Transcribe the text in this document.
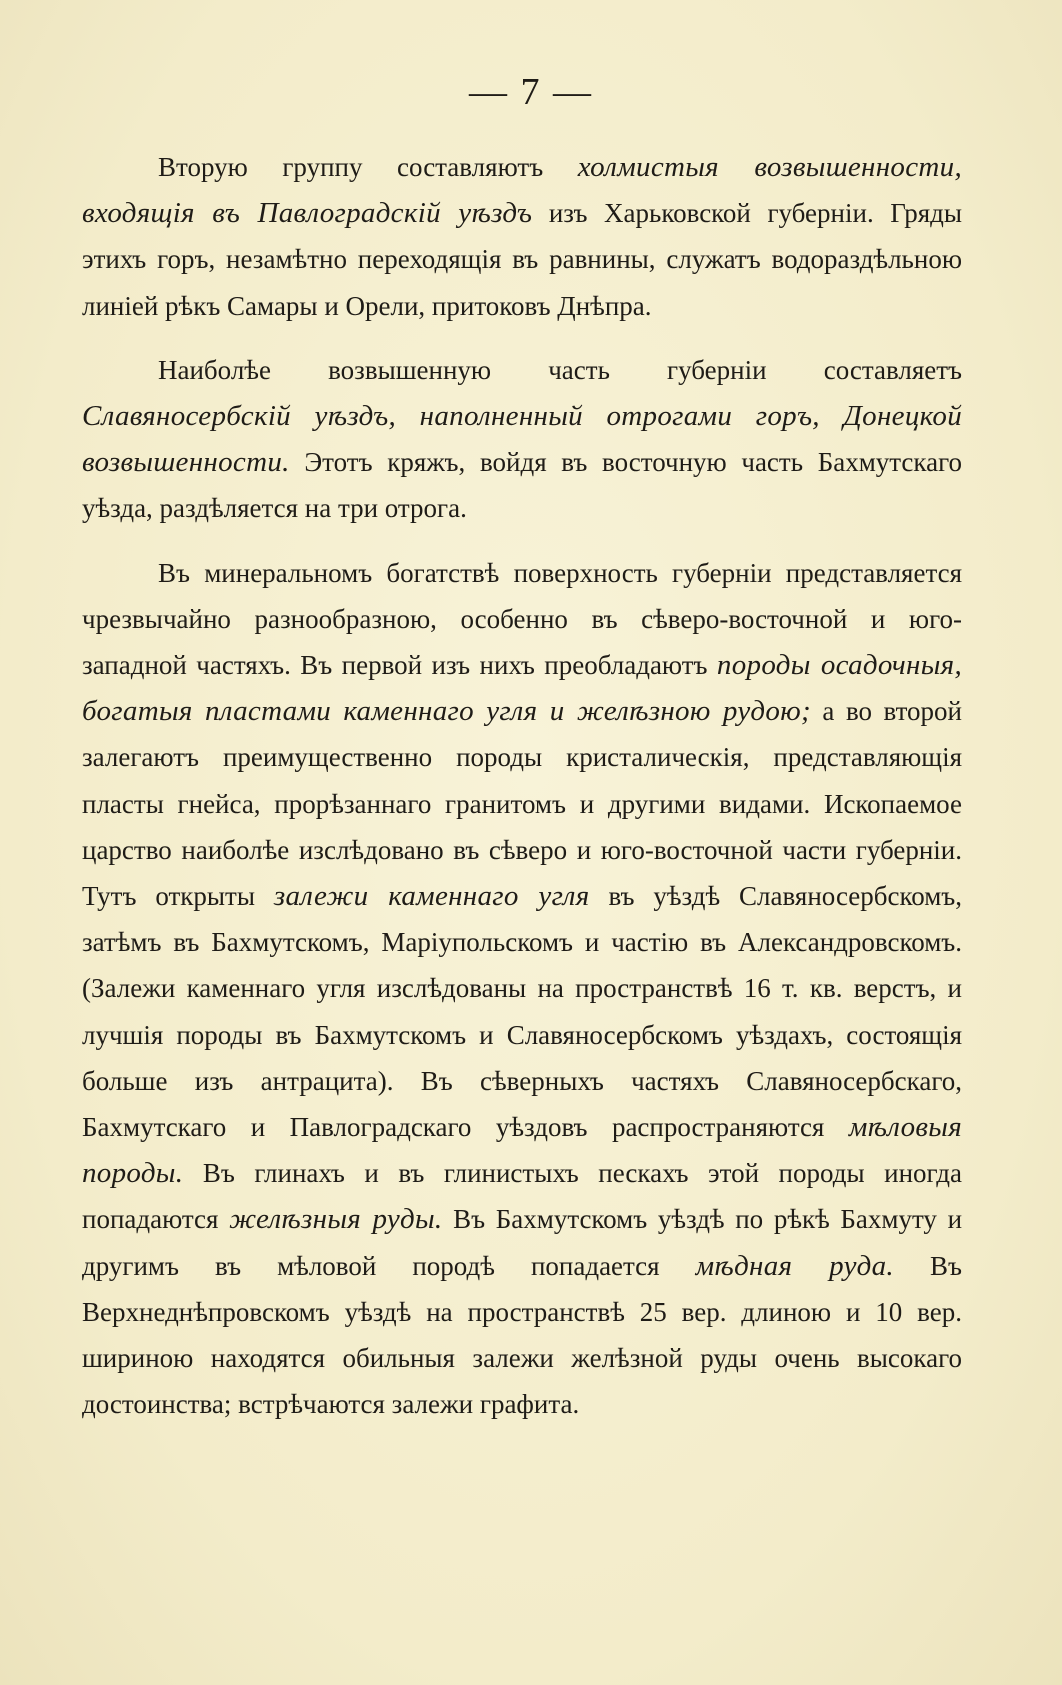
— 7 —

Вторую группу составляютъ холмистыя возвышенности, входящія въ Павлоградскій уѣздъ изъ Харьковской губерніи. Гряды этихъ горъ, незамѣтно переходящія въ равнины, служатъ водораздѣльною линіей рѣкъ Самары и Орели, притоковъ Днѣпра.

Наиболѣе возвышенную часть губерніи составляетъ Славяносербскій уѣздъ, наполненный отрогами горъ, Донецкой возвышенности. Этотъ кряжъ, войдя въ восточную часть Бахмутскаго уѣзда, раздѣляется на три отрога.

Въ минеральномъ богатствѣ поверхность губерніи представляется чрезвычайно разнообразною, особенно въ сѣверо-восточной и юго-западной частяхъ. Въ первой изъ нихъ преобладаютъ породы осадочныя, богатыя пластами каменнаго угля и желѣзною рудою; а во второй залегаютъ преимущественно породы кристалическія, представляющія пласты гнейса, прорѣзаннаго гранитомъ и другими видами. Ископаемое царство наиболѣе изслѣдовано въ сѣверо и юго-восточной части губерніи. Тутъ открыты залежи каменнаго угля въ уѣздѣ Славяносербскомъ, затѣмъ въ Бахмутскомъ, Маріупольскомъ и частію въ Александровскомъ. (Залежи каменнаго угля изслѣдованы на пространствѣ 16 т. кв. верстъ, и лучшія породы въ Бахмутскомъ и Славяносербскомъ уѣздахъ, состоящія больше изъ антрацита). Въ сѣверныхъ частяхъ Славяносербскаго, Бахмутскаго и Павлоградскаго уѣздовъ распространяются мѣловыя породы. Въ глинахъ и въ глинистыхъ пескахъ этой породы иногда попадаются желѣзныя руды. Въ Бахмутскомъ уѣздѣ по рѣкѣ Бахмуту и другимъ въ мѣловой породѣ попадается мѣдная руда. Въ Верхнеднѣпровскомъ уѣздѣ на пространствѣ 25 вер. длиною и 10 вер. шириною находятся обильныя залежи желѣзной руды очень высокаго достоинства; встрѣчаются залежи графита.
